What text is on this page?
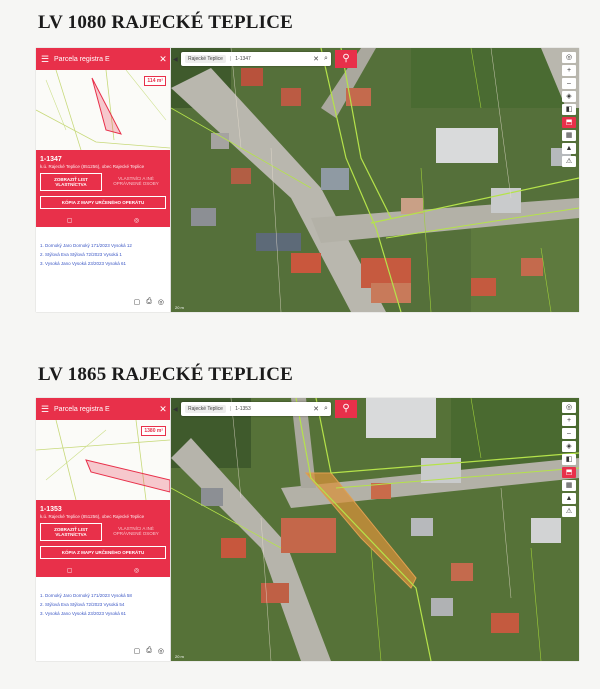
LV 1080 RAJECKÉ TEPLICE
☰ Parcela registra E	✕
114 m²
1-1347
k.ú. Rajecké Teplice (851256), obec Rajecké Teplice
ZOBRAZIŤ LIST VLASTNÍCTVA
VLASTNÍCI A INÉ OPRÁVNENÉ OSOBY
KÓPIA Z MAPY URČENÉHO OPERÁTU
▢	◎
1. Dornoký Jaro Dornoký 171/2023 Vysoká 12
2. Stýlová Eva Stýlová 72/2023 Vysoká 1
3. Vysoká Jano Vysoká 23/2023 Vysoká 61
▢ ⎙ ◎
◀	Rajecké Teplice	| 1-1347	✕ ⌕	⚲	◎
+
–
◈
◧
⬒
▦
▲
⚠
20 m
LV 1865 RAJECKÉ TEPLICE
☰ Parcela registra E	✕
1380 m²
1-1353
k.ú. Rajecké Teplice (851256), obec Rajecké Teplice
ZOBRAZIŤ LIST VLASTNÍCTVA
VLASTNÍCI A INÉ OPRÁVNENÉ OSOBY
KÓPIA Z MAPY URČENÉHO OPERÁTU
▢	◎
1. Dornoký Jaro Dornoký 171/2023 Vysoká 58
2. Stýlová Eva Stýlová 72/2023 Vysoká 54
3. Vysoká Jano Vysoká 23/2023 Vysoká 61
▢ ⎙ ◎
◀	Rajecké Teplice	| 1-1353	✕ ⌕	⚲	◎
+
–
◈
◧
⬒
▦
▲
⚠
20 m
